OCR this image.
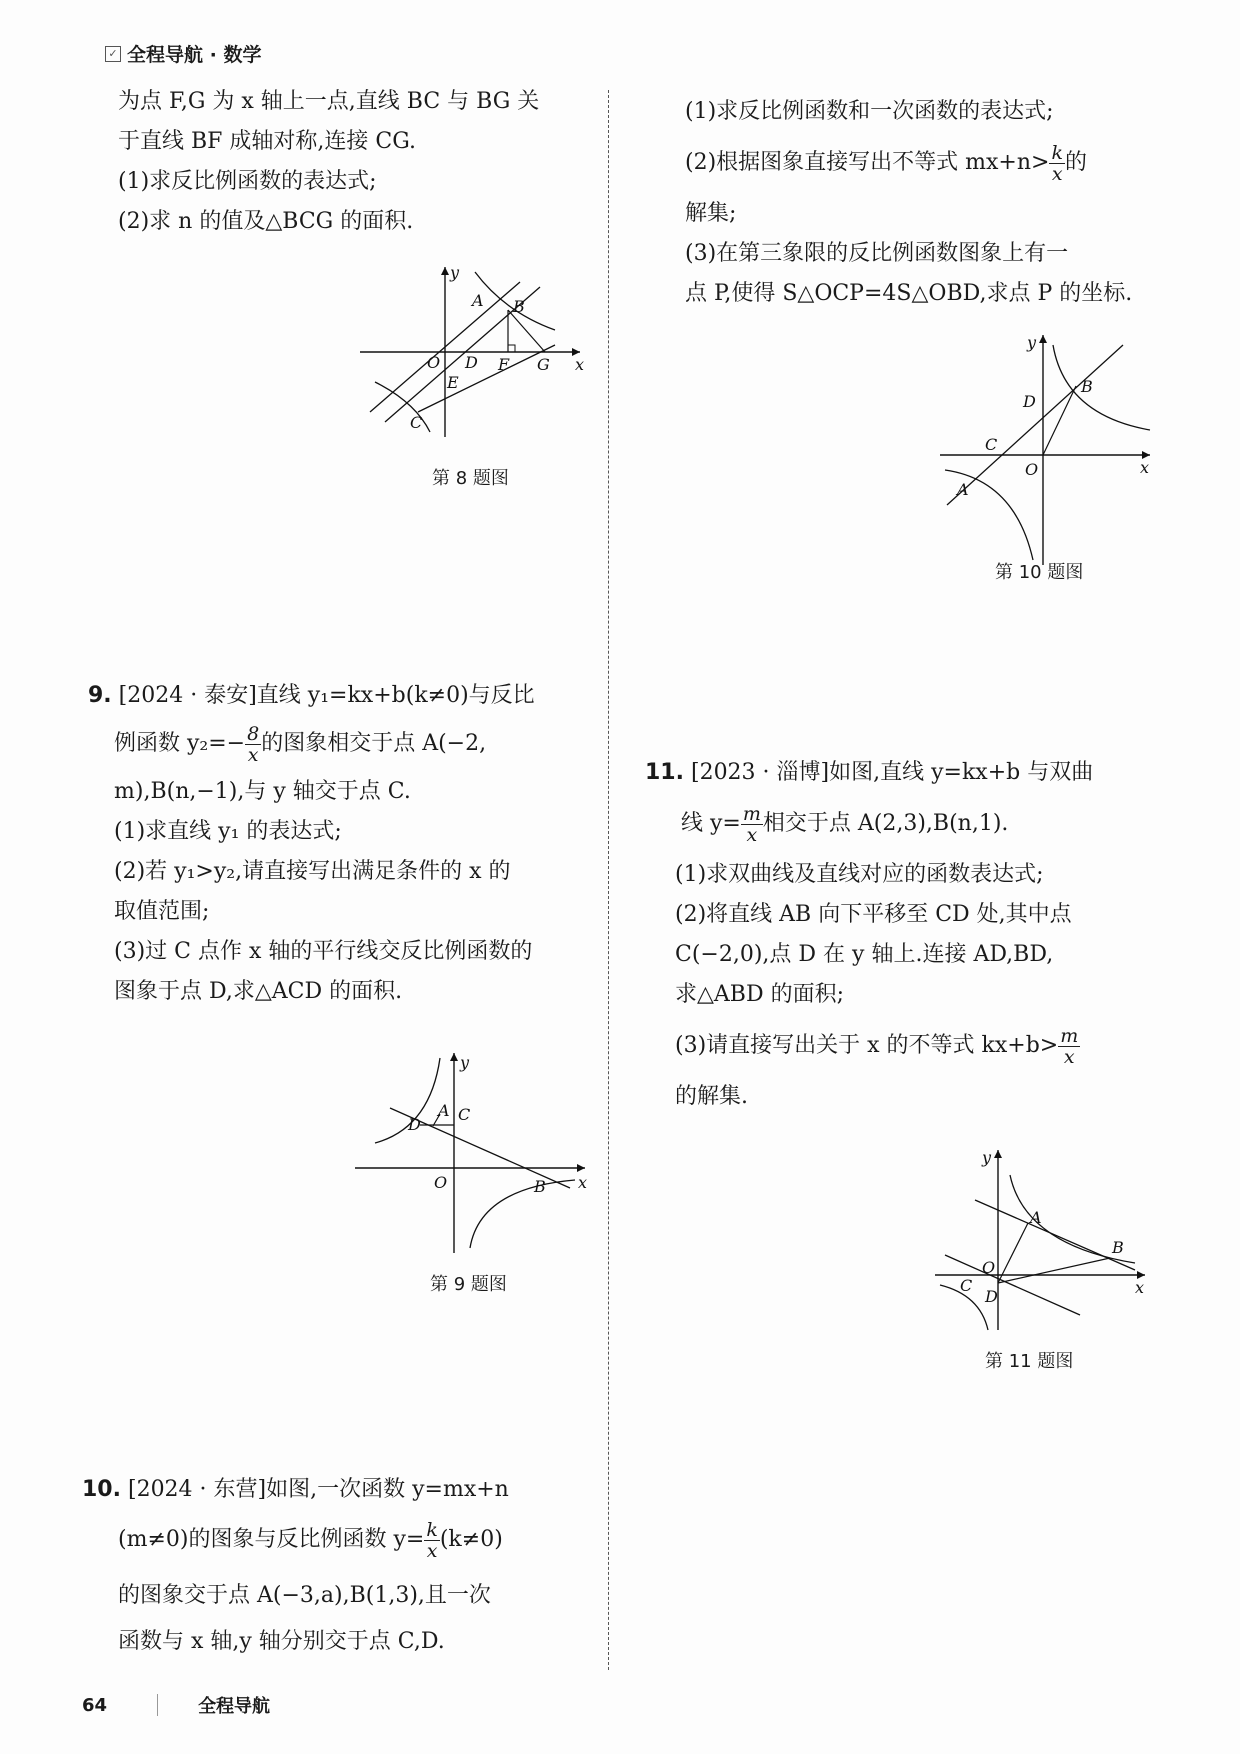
✓ 全程导航 · 数学

为点 F,G 为 x 轴上一点,直线 BC 与 BG 关

于直线 BF 成轴对称,连接 CG.

(1)求反比例函数的表达式;

(2)求 n 的值及△BCG 的面积.

y
x
O
A B
D F G
E
C
第 8 题图

9. [2024 · 泰安]直线 y₁=kx+b(k≠0)与反比

例函数 $y_2=- \frac{8}{x}$ 的图象相交于点 A(−2,

m),B(n,−1),与 y 轴交于点 C.

(1)求直线 y₁ 的表达式;

(2)若 y₁>y₂,请直接写出满足条件的 x 的

取值范围;

(3)过 C 点作 x 轴的平行线交反比例函数的

图象于点 D,求△ACD 的面积.

y
x
O
A C
D
B
第 9 题图

10. [2024 · 东营]如图,一次函数 y=mx+n

(m≠0)的图象与反比例函数 $y= \frac{k}{x} (k\ne 0)$

的图象交于点 A(−3,a),B(1,3),且一次

函数与 x 轴,y 轴分别交于点 C,D.

(1)求反比例函数和一次函数的表达式;

(2)根据图象直接写出不等式 $mx+n> \frac{k}{x}$ 的

解集;

(3)在第三象限的反比例函数图象上有一

点 P,使得 S△OCP=4S△OBD,求点 P 的坐标.

y
x
O
D
B
C
A
第 10 题图

11. [2023 · 淄博]如图,直线 y=kx+b 与双曲

线 $y= \frac{m}{x}$ 相交于点 A(2,3),B(n,1).

(1)求双曲线及直线对应的函数表达式;

(2)将直线 AB 向下平移至 CD 处,其中点

C(−2,0),点 D 在 y 轴上.连接 AD,BD,

求△ABD 的面积;

(3)请直接写出关于 x 的不等式 $kx+b> \frac{m}{x}$

的解集.

y
x
O
A
B
C
D
第 11 题图
64	全程导航
